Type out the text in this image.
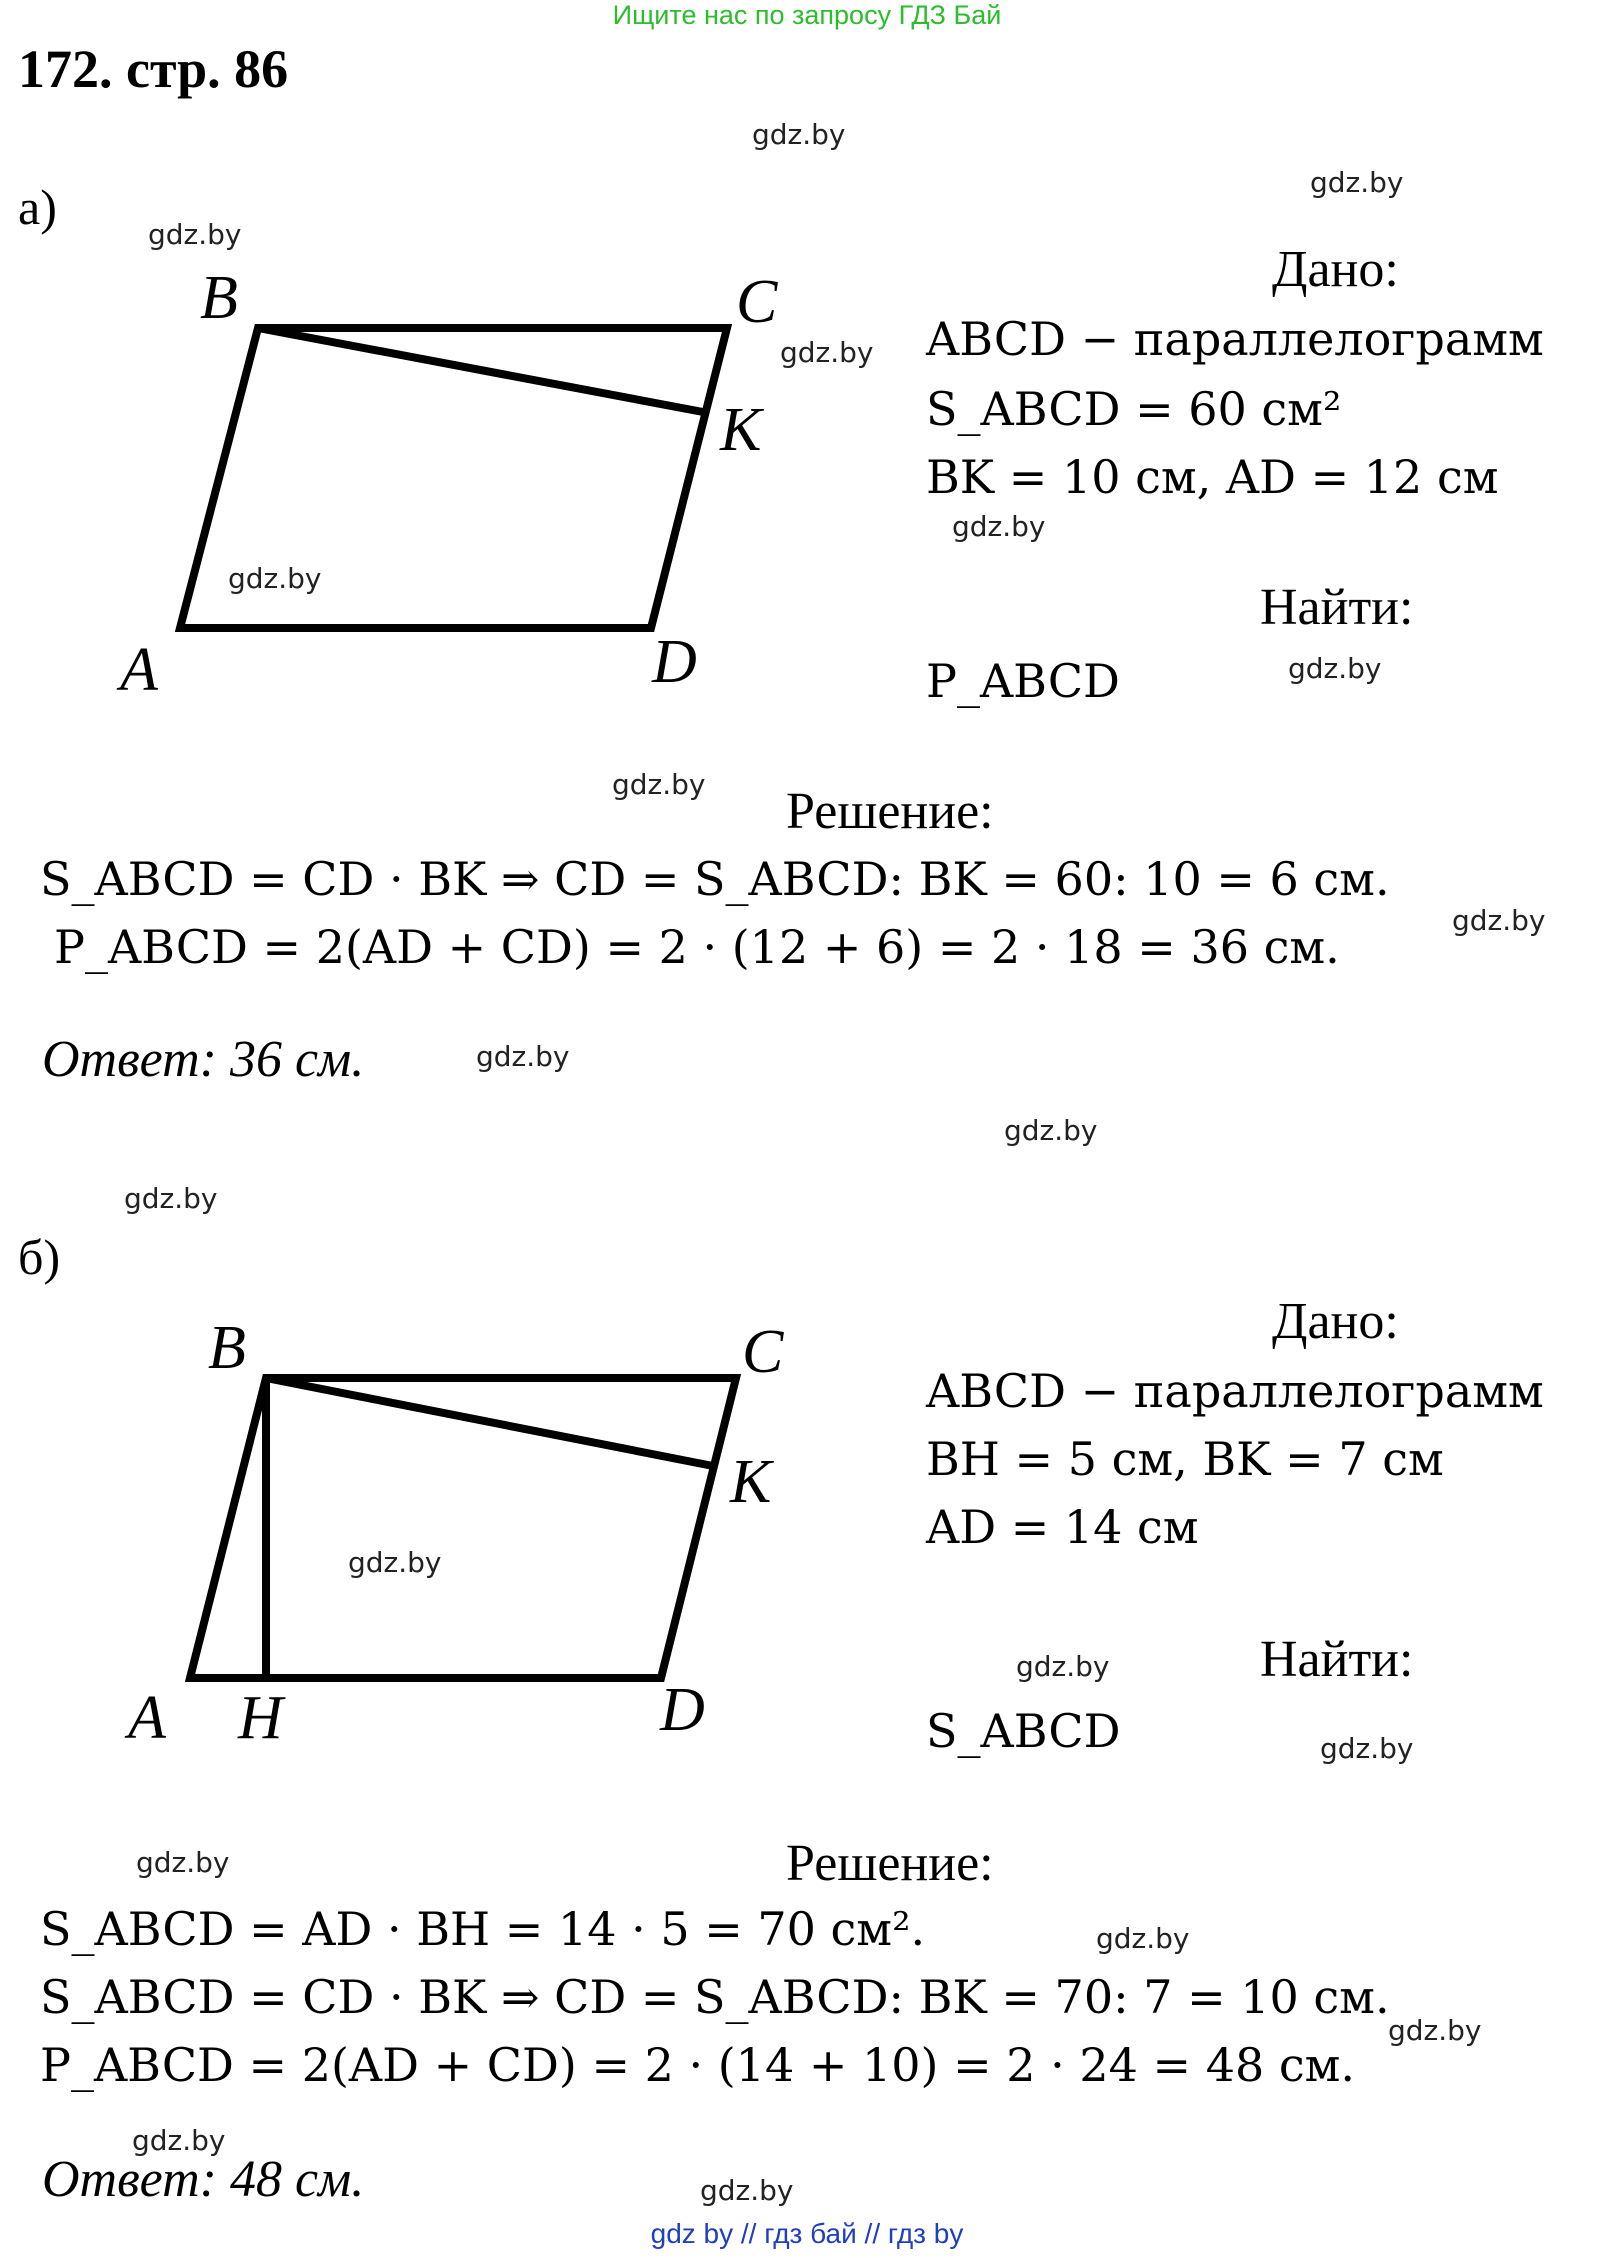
Ищите нас по запросу ГДЗ Бай
172. стр. 86
gdz.by
gdz.by
gdz.by
gdz.by
gdz.by
gdz.by
gdz.by
gdz.by
gdz.by
gdz.by
gdz.by
gdz.by
gdz.by
gdz.by
gdz.by
gdz.by
gdz.by
gdz.by
gdz.by
gdz.by
а)
B	C
K
A	D
Дано:
ABCD − параллелограмм
S_ABCD = 60 см²
BK = 10 см, AD = 12 см
Найти:
P_ABCD
Решение:
S_ABCD = CD · BK ⇒ CD = S_ABCD: BK = 60: 10 = 6 см.
P_ABCD = 2(AD + CD) = 2 · (12 + 6) = 2 · 18 = 36 см.
Ответ: 36 см.
б)
B	C
K
A H	D
Дано:
ABCD − параллелограмм
BH = 5 см, BK = 7 см
AD = 14 см
Найти:
S_ABCD
Решение:
S_ABCD = AD · BH = 14 · 5 = 70 см².
S_ABCD = CD · BK ⇒ CD = S_ABCD: BK = 70: 7 = 10 см.
P_ABCD = 2(AD + CD) = 2 · (14 + 10) = 2 · 24 = 48 см.
Ответ: 48 см.
gdz by // гдз бай // гдз by
